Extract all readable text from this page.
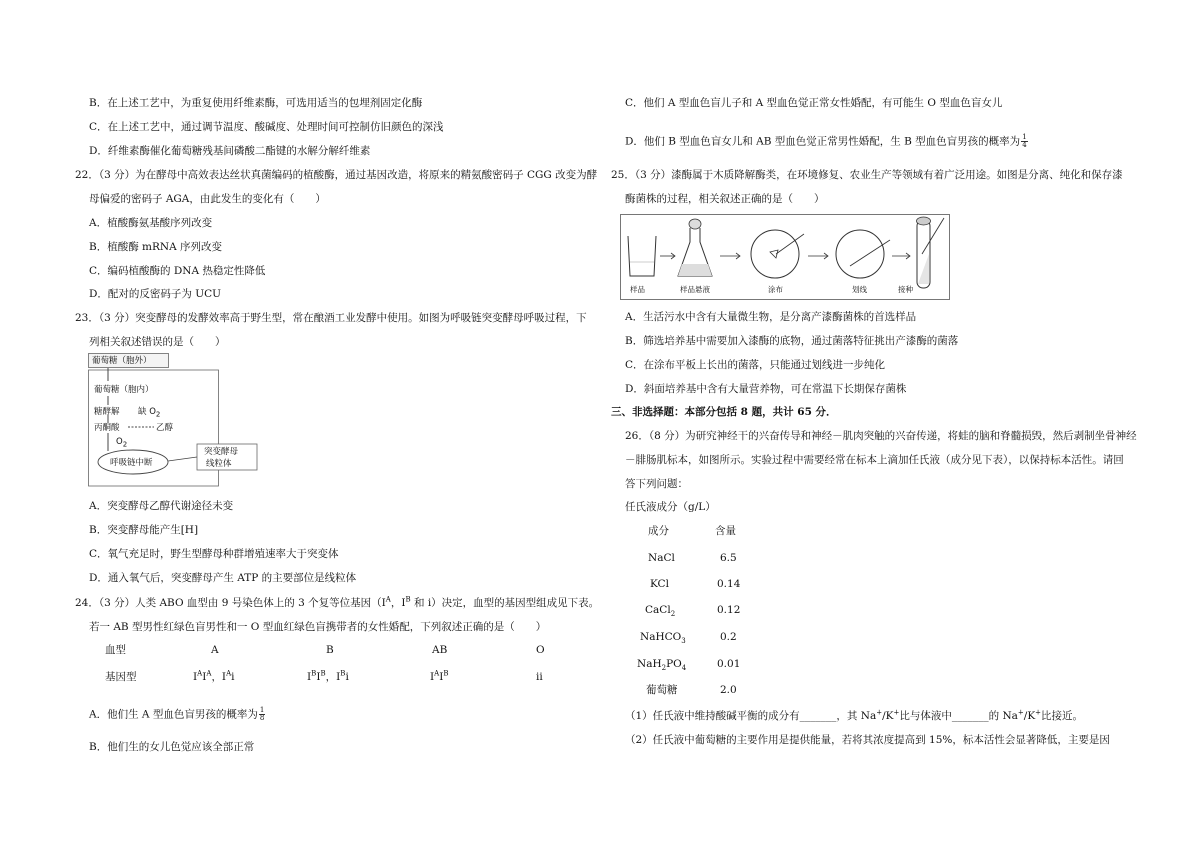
B．在上述工艺中，为重复使用纤维素酶，可选用适当的包埋剂固定化酶
C．在上述工艺中，通过调节温度、酸碱度、处理时间可控制仿旧颜色的深浅
D．纤维素酶催化葡萄糖残基间磷酸二酯键的水解分解纤维素
22．（3 分）为在酵母中高效表达丝状真菌编码的植酸酶，通过基因改造，将原来的精氨酸密码子 CGG 改变为酵
母偏爱的密码子 AGA，由此发生的变化有（　　）
A．植酸酶氨基酸序列改变
B．植酸酶 mRNA 序列改变
C．编码植酸酶的 DNA 热稳定性降低
D．配对的反密码子为 UCU
23．（3 分）突变酵母的发酵效率高于野生型，常在酿酒工业发酵中使用。如图为呼吸链突变酵母呼吸过程，下
列相关叙述错误的是（　　）
葡萄糖（胞外）
葡萄糖（胞内）
糖酵解 缺 $O_2$
丙酮酸	乙醇
$O_2$
呼吸链中断
突变酵母
线粒体
A．突变酵母乙醇代谢途径未变
B．突变酵母能产生[H]
C．氧气充足时，野生型酵母种群增殖速率大于突变体
D．通入氧气后，突变酵母产生 ATP 的主要部位是线粒体
24．（3 分）人类 ABO 血型由 9 号染色体上的 3 个复等位基因（$I^A$，$I^B$ 和 i）决定，血型的基因型组成见下表。
若一 AB 型男性红绿色盲男性和一 O 型血红绿色盲携带者的女性婚配，下列叙述正确的是（　　）
血型	A	B	AB	O
基因型	$I^AI^A$，$I^Ai$	$I^BI^B$，$I^Bi$	$I^AI^B$	ii
A．他们生 A 型血色盲男孩的概率为 $\frac{1}{8}$
B．他们生的女儿色觉应该全部正常
C．他们 A 型血色盲儿子和 A 型血色觉正常女性婚配，有可能生 O 型血色盲女儿
D．他们 B 型血色盲女儿和 AB 型血色觉正常男性婚配，生 B 型血色盲男孩的概率为 $\frac{1}{4}$
25．（3 分）漆酶属于木质降解酶类，在环境修复、农业生产等领域有着广泛用途。如图是分离、纯化和保存漆
酶菌株的过程，相关叙述正确的是（　　）
样品	样品悬液	涂布	划线	接种
A．生活污水中含有大量微生物，是分离产漆酶菌株的首选样品
B．筛选培养基中需要加入漆酶的底物，通过菌落特征挑出产漆酶的菌落
C．在涂布平板上长出的菌落，只能通过划线进一步纯化
D．斜面培养基中含有大量营养物，可在常温下长期保存菌株
三、非选择题：本部分包括 8 题，共计 65 分．
26．（8 分）为研究神经干的兴奋传导和神经－肌肉突触的兴奋传递，将蛙的脑和脊髓损毁，然后剥制坐骨神经
－腓肠肌标本，如图所示。实验过程中需要经常在标本上滴加任氏液（成分见下表），以保持标本活性。请回
答下列问题：
任氏液成分（g/L）
成分	含量
NaCl	6.5
KCl	0.14
CaCl$_2$	0.12
NaHCO$_3$	0.2
$NaH_2PO_4$	0.01
葡萄糖	2.0
（1）任氏液中维持酸碱平衡的成分有_______，其 Na+/K+比与体液中_______的 Na+/K+比接近。
（2）任氏液中葡萄糖的主要作用是提供能量，若将其浓度提高到 15%，标本活性会显著降低，主要是因
